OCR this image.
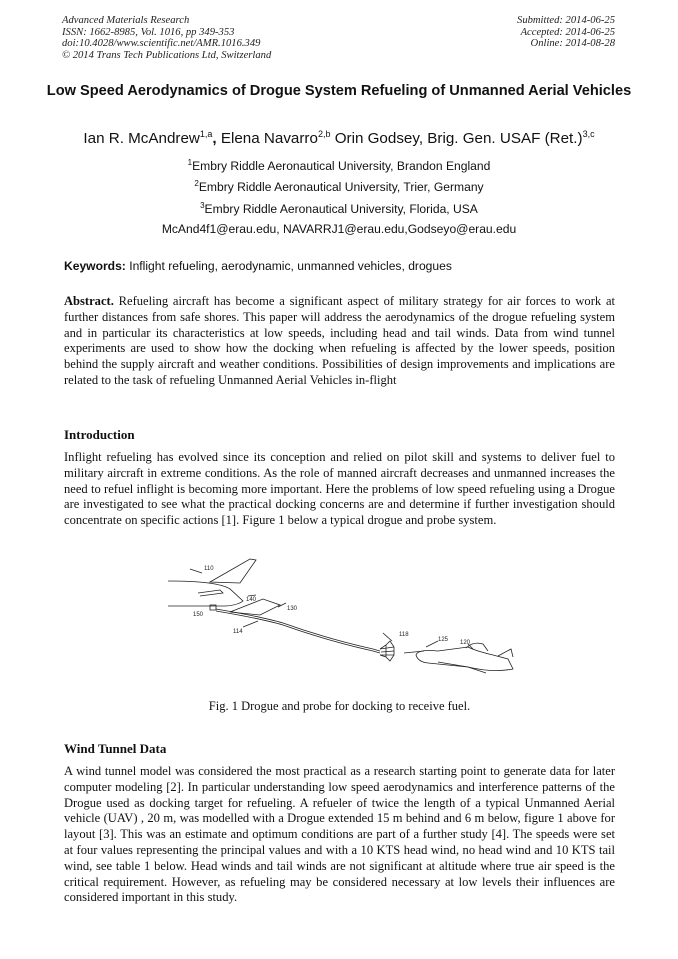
Advanced Materials Research
ISSN: 1662-8985, Vol. 1016, pp 349-353
doi:10.4028/www.scientific.net/AMR.1016.349
© 2014 Trans Tech Publications Ltd, Switzerland
Submitted: 2014-06-25
Accepted: 2014-06-25
Online: 2014-08-28
Low Speed Aerodynamics of Drogue System Refueling of Unmanned Aerial Vehicles
Ian R. McAndrew$^{1,a}$, Elena Navarro$^{2,b}$ Orin Godsey, Brig. Gen. USAF $(Ret.)^{3,c}$
$^1$Embry Riddle Aeronautical University, Brandon England
$^2$Embry Riddle Aeronautical University, Trier, Germany
$^3$Embry Riddle Aeronautical University, Florida, USA
McAnd4f1@erau.edu, NAVARRJ1@erau.edu,Godseyo@erau.edu
Keywords: Inflight refueling, aerodynamic, unmanned vehicles, drogues

Abstract. Refueling aircraft has become a significant aspect of military strategy for air forces to work at further distances from safe shores. This paper will address the aerodynamics of the drogue refueling system and in particular its characteristics at low speeds, including head and tail winds. Data from wind tunnel experiments are used to show how the docking when refueling is affected by the lower speeds, position behind the supply aircraft and weather conditions. Possibilities of design improvements and implications are related to the task of refueling Unmanned Aerial Vehicles in-flight

Introduction

Inflight refueling has evolved since its conception and relied on pilot skill and systems to deliver fuel to military aircraft in extreme conditions. As the role of manned aircraft decreases and unmanned increases the need to refuel inflight is becoming more important. Here the problems of low speed refueling using a Drogue are investigated to see what the practical docking concerns are and determine if further investigation should concentrate on specific actions [1]. Figure 1 below a typical drogue and probe system.

110
140
150
130
114	118
125 120
Fig. 1 Drogue and probe for docking to receive fuel.
Wind Tunnel Data

A wind tunnel model was considered the most practical as a research starting point to generate data for later computer modeling [2]. In particular understanding low speed aerodynamics and interference patterns of the Drogue used as docking target for refueling. A refueler of twice the length of a typical Unmanned Aerial vehicle (UAV) , 20 m, was modelled with a Drogue extended 15 m behind and 6 m below, figure 1 above for layout [3]. This was an estimate and optimum conditions are part of a further study [4]. The speeds were set at four values representing the principal values and with a 10 KTS head wind, no head wind and 10 KTS tail wind, see table 1 below. Head winds and tail winds are not significant at altitude where true air speed is the critical requirement. However, as refueling may be considered necessary at low levels their influences are considered important in this study.
